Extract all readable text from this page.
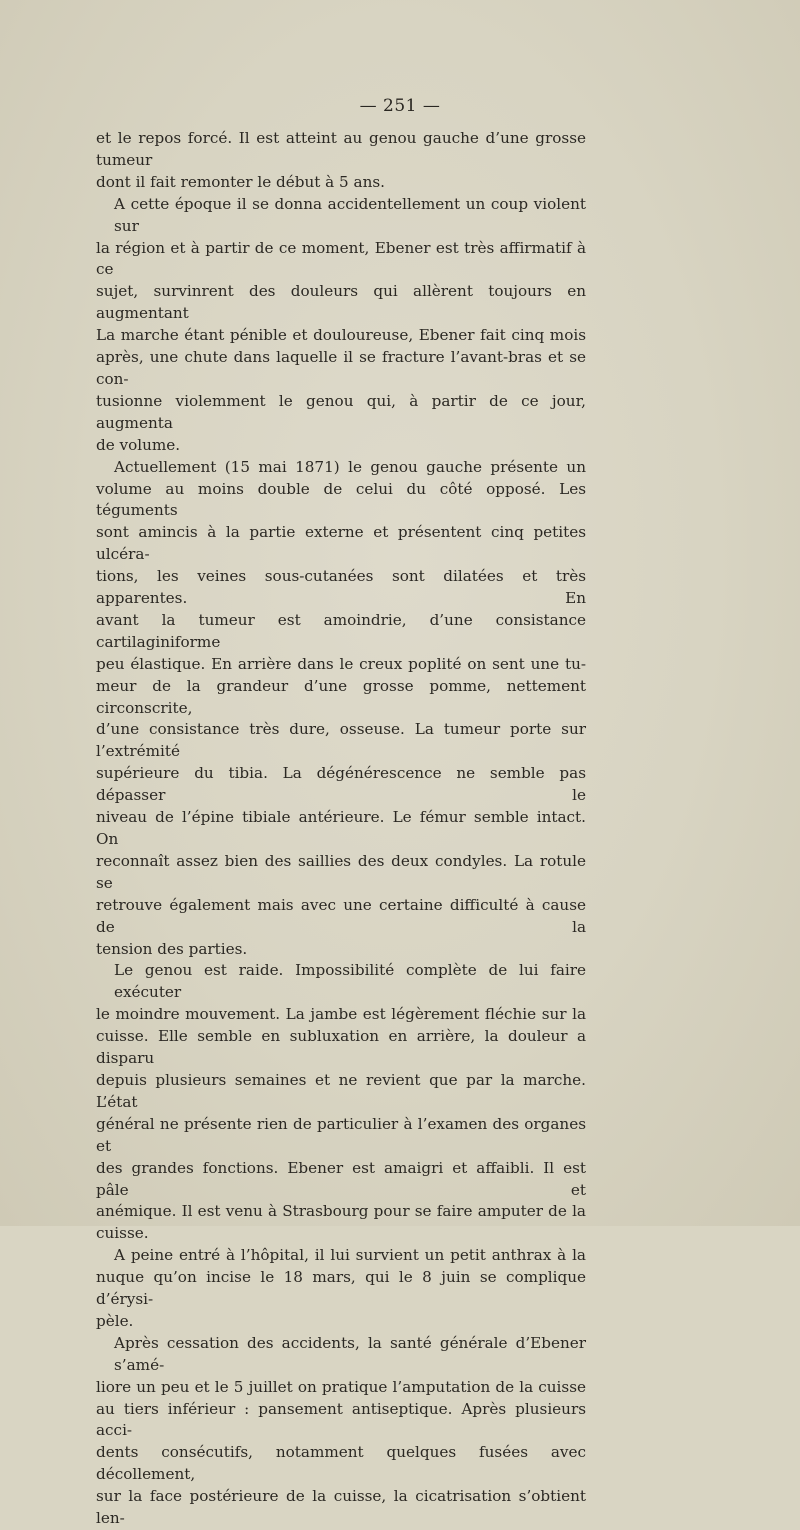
— 251 —

et le repos forcé. Il est atteint au genou gauche d’une grosse tumeur

dont il fait remonter le début à 5 ans.

A cette époque il se donna accidentellement un coup violent sur

la région et à partir de ce moment, Ebener est très affirmatif à ce

sujet, survinrent des douleurs qui allèrent toujours en augmentant

La marche étant pénible et douloureuse, Ebener fait cinq mois

après, une chute dans laquelle il se fracture l’avant-bras et se con-

tusionne violemment le genou qui, à partir de ce jour, augmenta

de volume.

Actuellement (15 mai 1871) le genou gauche présente un

volume au moins double de celui du côté opposé. Les téguments

sont amincis à la partie externe et présentent cinq petites ulcéra-

tions, les veines sous-cutanées sont dilatées et très apparentes. En

avant la tumeur est amoindrie, d’une consistance cartilaginiforme

peu élastique. En arrière dans le creux poplité on sent une tu-

meur de la grandeur d’une grosse pomme, nettement circonscrite,

d’une consistance très dure, osseuse. La tumeur porte sur l’extrémité

supérieure du tibia. La dégénérescence ne semble pas dépasser le

niveau de l’épine tibiale antérieure. Le fémur semble intact. On

reconnaît assez bien des saillies des deux condyles. La rotule se

retrouve également mais avec une certaine difficulté à cause de la

tension des parties.

Le genou est raide. Impossibilité complète de lui faire exécuter

le moindre mouvement. La jambe est légèrement fléchie sur la

cuisse. Elle semble en subluxation en arrière, la douleur a disparu

depuis plusieurs semaines et ne revient que par la marche. L’état

général ne présente rien de particulier à l’examen des organes et

des grandes fonctions. Ebener est amaigri et affaibli. Il est pâle et

anémique. Il est venu à Strasbourg pour se faire amputer de la

cuisse.

A peine entré à l’hôpital, il lui survient un petit anthrax à la

nuque qu’on incise le 18 mars, qui le 8 juin se complique d’érysi-

pèle.

Après cessation des accidents, la santé générale d’Ebener s’amé-

liore un peu et le 5 juillet on pratique l’amputation de la cuisse

au tiers inférieur : pansement antiseptique. Après plusieurs acci-

dents consécutifs, notamment quelques fusées avec décollement,

sur la face postérieure de la cuisse, la cicatrisation s’obtient len-
